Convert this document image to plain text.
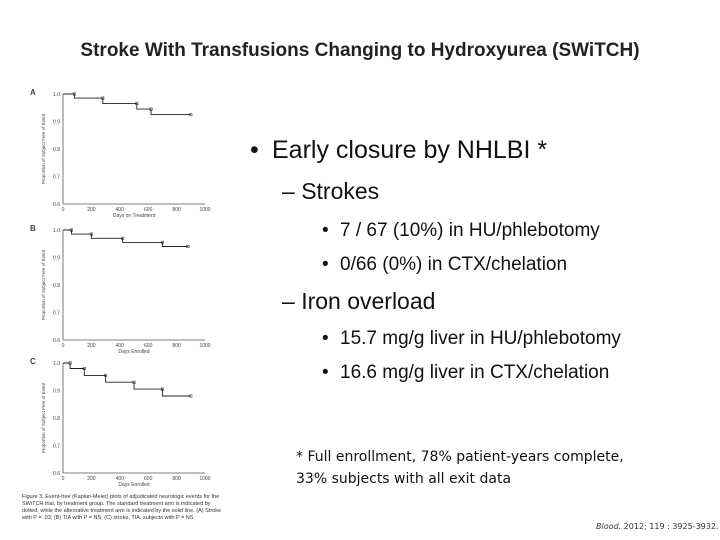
Stroke With Transfusions Changing to Hydroxyurea (SWiTCH)
A	1.0
0.9
0.8
0.7
0.6
0	200	400	600	800	1000
Days on Treatment
Proportion of Subject Free of Event
B	1.0
0.9
0.8
0.7
0.6
0	200	400	600	800	1000
Days Enrolled
Proportion of Subject Free of Event
C	1.0
0.9
0.8
0.7
0.6
0	200	400	600	800	1000
Days Enrolled
Proportion of Subject Free of Event
Figure 3. Event-free (Kaplan-Meier) plots of adjudicated neurologic events for the SWiTCH trial, by treatment group. The standard treatment arm is indicated by dotted, while the alternative treatment arm is indicated by the solid line. (A) Stroke with P = .03; (B) TIA with P = NS; (C) stroke, TIA, subjects with P = NS
• Early closure by NHLBI *
– Strokes
• 7 / 67 (10%) in HU/phlebotomy
• 0/66 (0%) in CTX/chelation
– Iron overload
• 15.7 mg/g liver in HU/phlebotomy
• 16.6 mg/g liver in CTX/chelation
* Full enrollment, 78% patient-years complete, 33% subjects with all exit data
Blood. 2012; 119 : 3925-3932.
